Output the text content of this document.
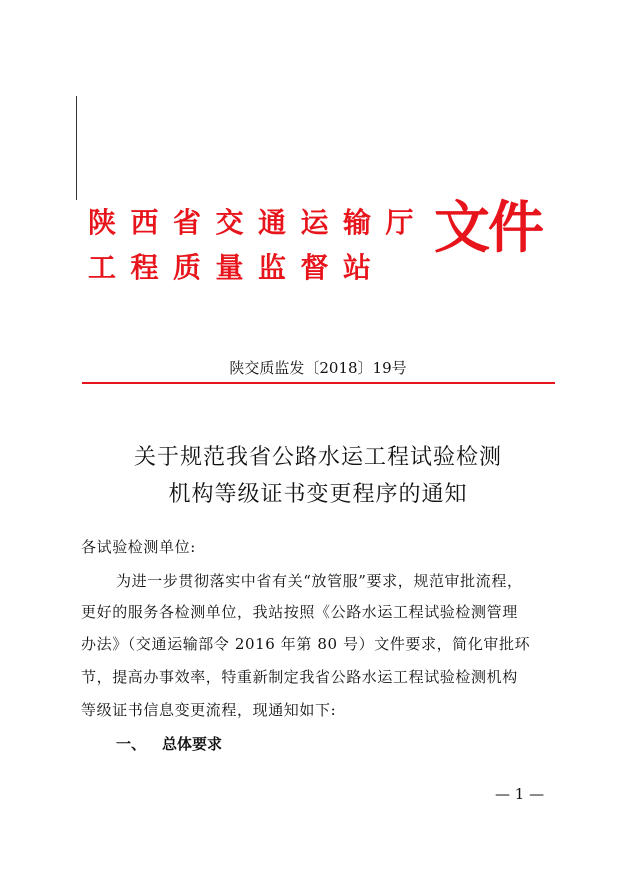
陕西省交通运输厅
工程质量监督站
文件
陕交质监发〔2018〕19号
关于规范我省公路水运工程试验检测
机构等级证书变更程序的通知
各试验检测单位:
为进一步贯彻落实中省有关“放管服”要求，规范审批流程，
更好的服务各检测单位，我站按照《公路水运工程试验检测管理
办法》（交通运输部令 2016 年第 80 号）文件要求，简化审批环
节，提高办事效率，特重新制定我省公路水运工程试验检测机构
等级证书信息变更流程，现通知如下:
一、 总体要求
— 1 —
